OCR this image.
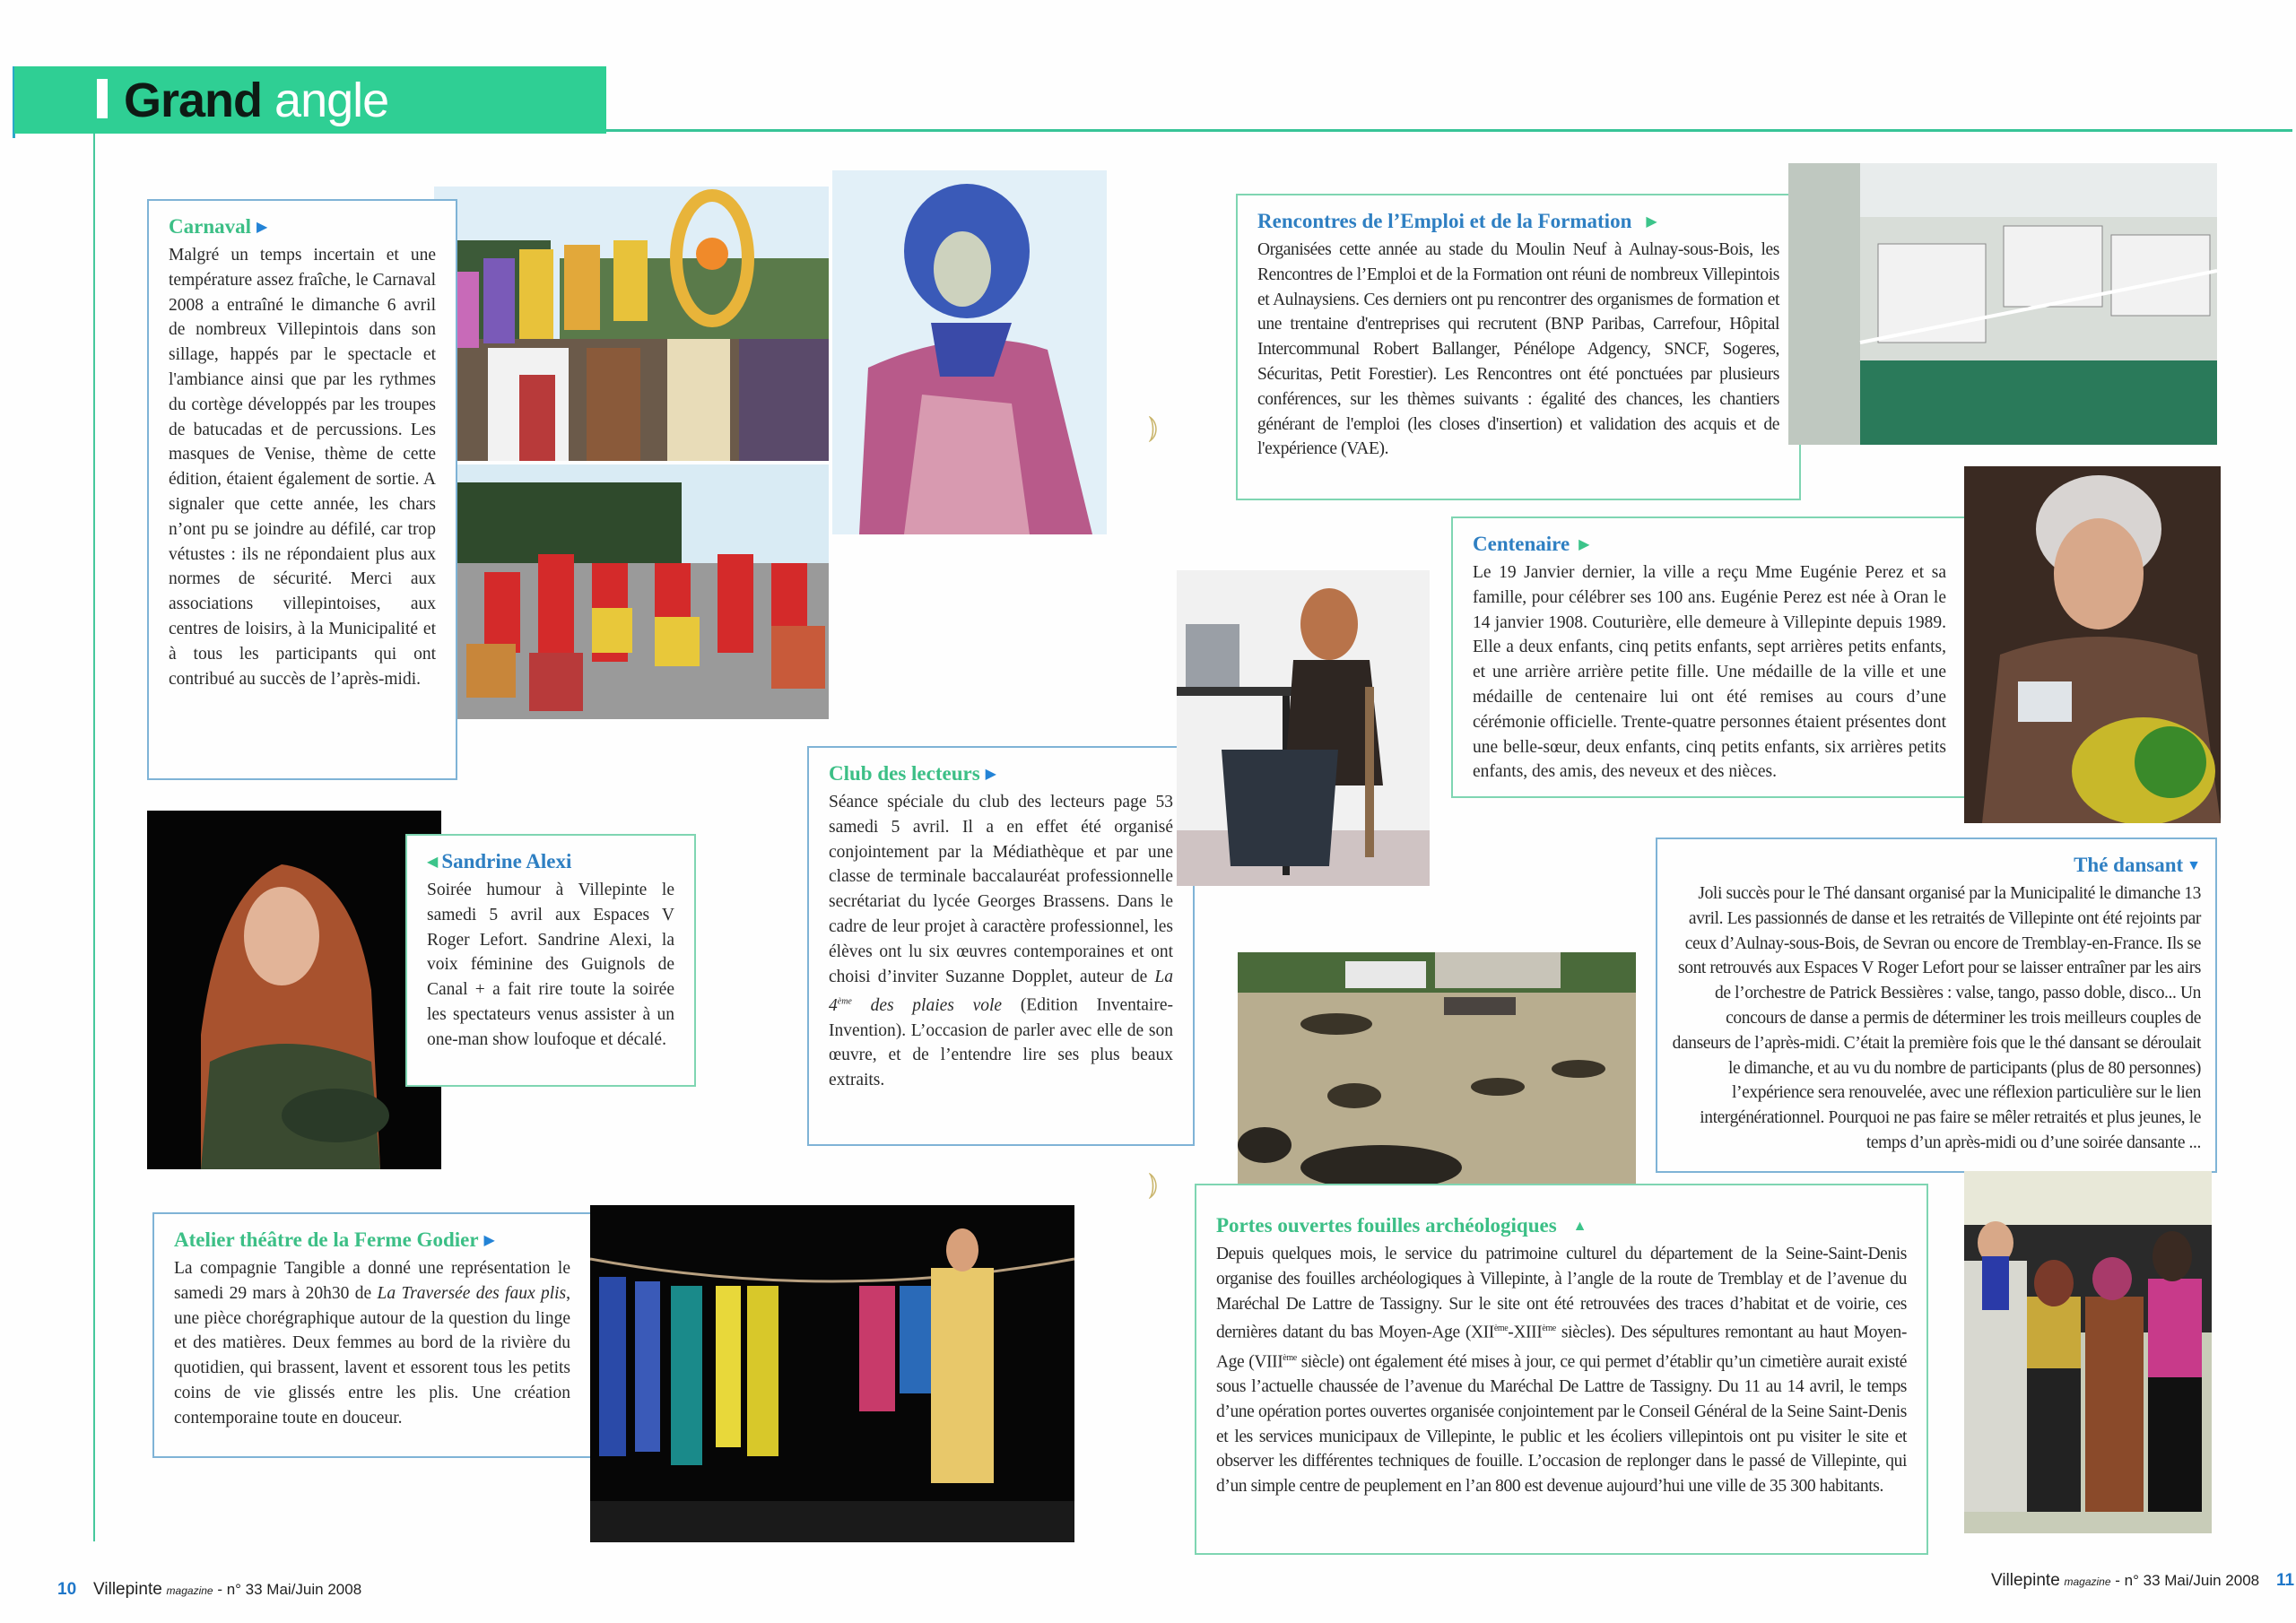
Grand angle
Carnaval ▶

Malgré un temps incertain et une température assez fraîche, le Carnaval 2008 a entraîné le dimanche 6 avril de nombreux Villepintois dans son sillage, happés par le spectacle et l'ambiance ainsi que par les rythmes du cortège développés par les troupes de batucadas et de percussions. Les masques de Venise, thème de cette édition, étaient également de sortie. A signaler que cette année, les chars n’ont pu se joindre au défilé, car trop vétustes : ils ne répondaient plus aux normes de sécurité. Merci aux associations villepintoises, aux centres de loisirs, à la Municipalité et à tous les participants qui ont contribué au succès de l’après-midi.

◀ Sandrine Alexi

Soirée humour à Villepinte le samedi 5 avril aux Espaces V Roger Lefort. Sandrine Alexi, la voix féminine des Guignols de Canal + a fait rire toute la soirée les spectateurs venus assister à un one-man show loufoque et décalé.

Club des lecteurs ▶

Séance spéciale du club des lecteurs page 53 samedi 5 avril. Il a en effet été organisé conjointement par la Médiathèque et par une classe de terminale baccalauréat professionnelle secrétariat du lycée Georges Brassens. Dans le cadre de leur projet à caractère professionnel, les élèves ont lu six œuvres contemporaines et ont choisi d’inviter Suzanne Dopplet, auteur de La 4ème des plaies vole (Edition Inventaire-Invention). L’occasion de parler avec elle de son œuvre, et de l’entendre lire ses plus beaux extraits.

Atelier théâtre de la Ferme Godier ▶

La compagnie Tangible a donné une représentation le samedi 29 mars à 20h30 de La Traversée des faux plis, une pièce chorégraphique autour de la question du linge et des matières. Deux femmes au bord de la rivière du quotidien, qui brassent, lavent et essorent tous les petits coins de vie glissés entre les plis. Une création contemporaine toute en douceur.

⦆
⦆
Rencontres de l’Emploi et de la Formation ▶

Organisées cette année au stade du Moulin Neuf à Aulnay-sous-Bois, les Rencontres de l’Emploi et de la Formation ont réuni de nombreux Villepintois et Aulnaysiens. Ces derniers ont pu rencontrer des organismes de formation et une trentaine d'entreprises qui recrutent (BNP Paribas, Carrefour, Hôpital Intercommunal Robert Ballanger, Pénélope Adgency, SNCF, Sogeres, Sécuritas, Petit Forestier). Les Rencontres ont été ponctuées par plusieurs conférences, sur les thèmes suivants : égalité des chances, les chantiers générant de l'emploi (les closes d'insertion) et validation des acquis et de l'expérience (VAE).

Centenaire ▶

Le 19 Janvier dernier, la ville a reçu Mme Eugénie Perez et sa famille, pour célébrer ses 100 ans. Eugénie Perez est née à Oran le 14 janvier 1908. Couturière, elle demeure à Villepinte depuis 1989. Elle a deux enfants, cinq petits enfants, sept arrières petits enfants, et une arrière arrière petite fille. Une médaille de la ville et une médaille de centenaire lui ont été remises au cours d’une cérémonie officielle. Trente-quatre personnes étaient présentes dont une belle-sœur, deux enfants, cinq petits enfants, six arrières petits enfants, des amis, des neveux et des nièces.

Thé dansant ▼

Joli succès pour le Thé dansant organisé par la Municipalité le dimanche 13 avril. Les passionnés de danse et les retraités de Villepinte ont été rejoints par ceux d’Aulnay-sous-Bois, de Sevran ou encore de Tremblay-en-France. Ils se sont retrouvés aux Espaces V Roger Lefort pour se laisser entraîner par les airs de l’orchestre de Patrick Bessières : valse, tango, passo doble, disco... Un concours de danse a permis de déterminer les trois meilleurs couples de danseurs de l’après-midi. C’était la première fois que le thé dansant se déroulait le dimanche, et au vu du nombre de participants (plus de 80 personnes) l’expérience sera renouvelée, avec une réflexion particulière sur le lien intergénérationnel. Pourquoi ne pas faire se mêler retraités et plus jeunes, le temps d’un après-midi ou d’une soirée dansante ...

Portes ouvertes fouilles archéologiques ▲

Depuis quelques mois, le service du patrimoine culturel du département de la Seine-Saint-Denis organise des fouilles archéologiques à Villepinte, à l’angle de la route de Tremblay et de l’avenue du Maréchal De Lattre de Tassigny. Sur le site ont été retrouvées des traces d’habitat et de voirie, ces dernières datant du bas Moyen-Age (XIIème-XIIIème siècles). Des sépultures remontant au haut Moyen-Age (VIIIème siècle) ont également été mises à jour, ce qui permet d’établir qu’un cimetière aurait existé sous l’actuelle chaussée de l’avenue du Maréchal De Lattre de Tassigny. Du 11 au 14 avril, le temps d’une opération portes ouvertes organisée conjointement par le Conseil Général de la Seine Saint-Denis et les services municipaux de Villepinte, le public et les écoliers villepintois ont pu visiter le site et observer les différentes techniques de fouille. L’occasion de replonger dans le passé de Villepinte, qui d’un simple centre de peuplement en l’an 800 est devenue aujourd’hui une ville de 35 300 habitants.

10 Villepinte magazine - n° 33 Mai/Juin 2008	Villepinte magazine - n° 33 Mai/Juin 2008 11
